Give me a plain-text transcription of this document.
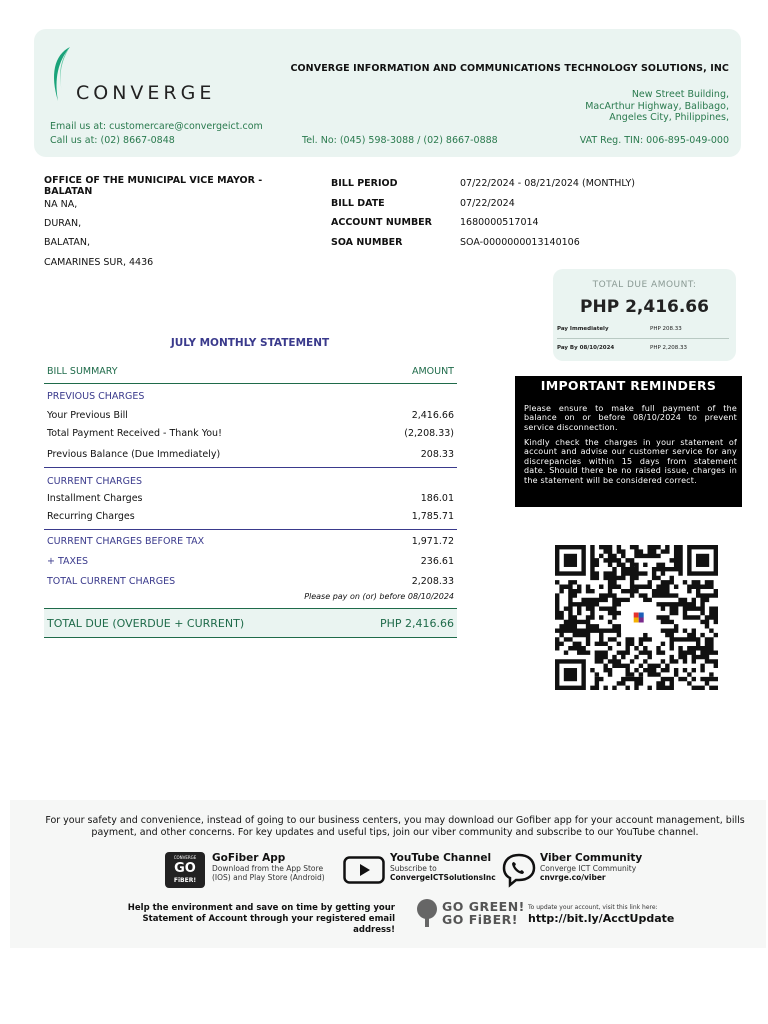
CONVERGE
CONVERGE INFORMATION AND COMMUNICATIONS TECHNOLOGY SOLUTIONS, INC
New Street Building,
MacArthur Highway, Balibago,
Angeles City, Philippines,
Email us at: customercare@convergeict.com
Call us at: (02) 8667-0848	Tel. No: (045) 598-3088 / (02) 8667-0888	VAT Reg. TIN: 006-895-049-000
OFFICE OF THE MUNICIPAL VICE MAYOR -
BALATAN
NA NA,
DURAN,
BALATAN,
CAMARINES SUR, 4436
BILL PERIOD	07/22/2024 - 08/21/2024 (MONTHLY)
BILL DATE	07/22/2024
ACCOUNT NUMBER	1680000517014
SOA NUMBER	SOA-0000000013140106
TOTAL DUE AMOUNT:
PHP 2,416.66
Pay Immediately	PHP 208.33
Pay By 08/10/2024	PHP 2,208.33
JULY MONTHLY STATEMENT
BILL SUMMARY	AMOUNT
PREVIOUS CHARGES
Your Previous Bill	2,416.66
Total Payment Received - Thank You!	(2,208.33)
Previous Balance (Due Immediately)	208.33
CURRENT CHARGES
Installment Charges	186.01
Recurring Charges	1,785.71
CURRENT CHARGES BEFORE TAX	1,971.72
+ TAXES	236.61
TOTAL CURRENT CHARGES	2,208.33
Please pay on (or) before 08/10/2024
TOTAL DUE (OVERDUE + CURRENT)	PHP 2,416.66
IMPORTANT REMINDERS
Please ensure to make full payment of the balance on or before 08/10/2024 to prevent service disconnection.
Kindly check the charges in your statement of account and advise our customer service for any discrepancies within 15 days from statement date. Should there be no raised issue, charges in the statement will be considered correct.
For your safety and convenience, instead of going to our business centers, you may download our Gofiber app for your account management, bills payment, and other concerns. For key updates and useful tips, join our viber community and subscribe to our YouTube channel.
CONVERGE
GO
FiBER!
GoFiber App
Download from the App Store
(IOS) and Play Store (Android)
YouTube Channel
Subscribe to
ConvergeICTSolutionsInc
Viber Community
Converge ICT Community
cnvrge.co/viber
Help the environment and save on time by getting your
Statement of Account through your registered email address!
GO GREEN!
GO FiBER!
To update your account, visit this link here:
http://bit.ly/AcctUpdate
